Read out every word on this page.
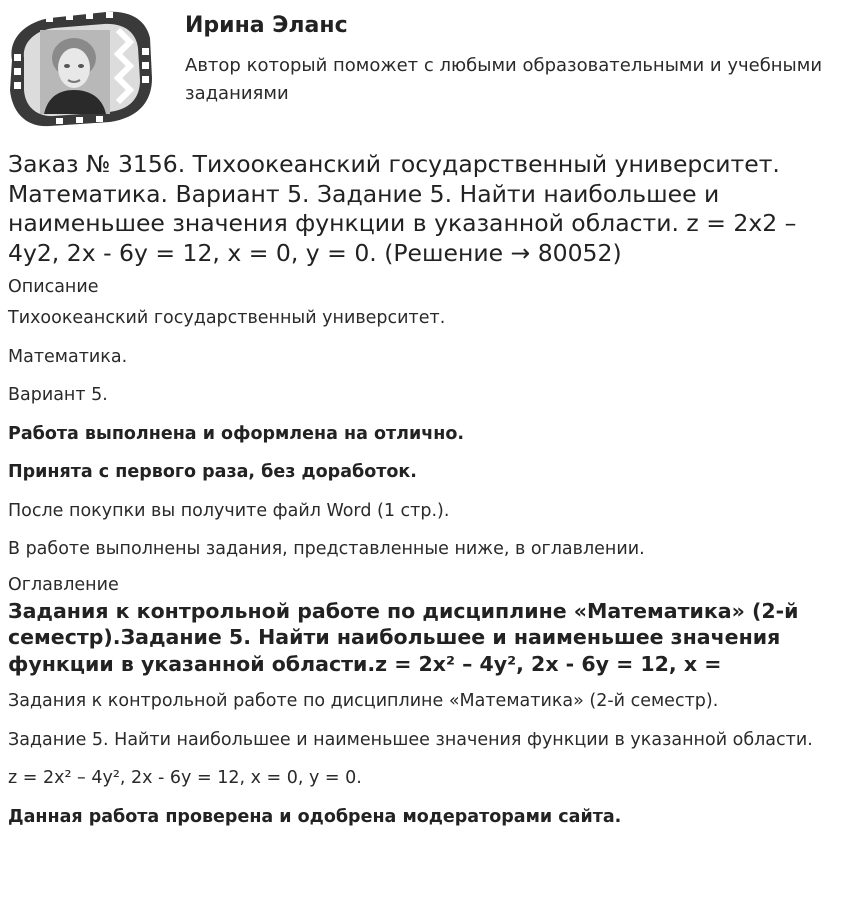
Ирина Эланс
Автор который поможет с любыми образовательными и учебными заданиями
Заказ № 3156. Тихоокеанский государственный университет. Математика. Вариант 5. Задание 5. Найти наибольшее и наименьшее значения функции в указанной области. z = 2x2 – 4y2, 2x - 6y = 12, x = 0, y = 0. (Решение → 80052)
Описание

Тихоокеанский государственный университет.

Математика.

Вариант 5.

Работа выполнена и оформлена на отлично.

Принята с первого раза, без доработок.

После покупки вы получите файл Word (1 стр.).

В работе выполнены задания, представленные ниже, в оглавлении.

Оглавление
Задания к контрольной работе по дисциплине «Математика» (2-й семестр).Задание 5. Найти наибольшее и наименьшее значения функции в указанной области.z = 2x² – 4y², 2x - 6y = 12, x =

Задания к контрольной работе по дисциплине «Математика» (2-й семестр).

Задание 5. Найти наибольшее и наименьшее значения функции в указанной области.

z = 2x² – 4y², 2x - 6y = 12, x = 0, y = 0.

Данная работа проверена и одобрена модераторами сайта.
